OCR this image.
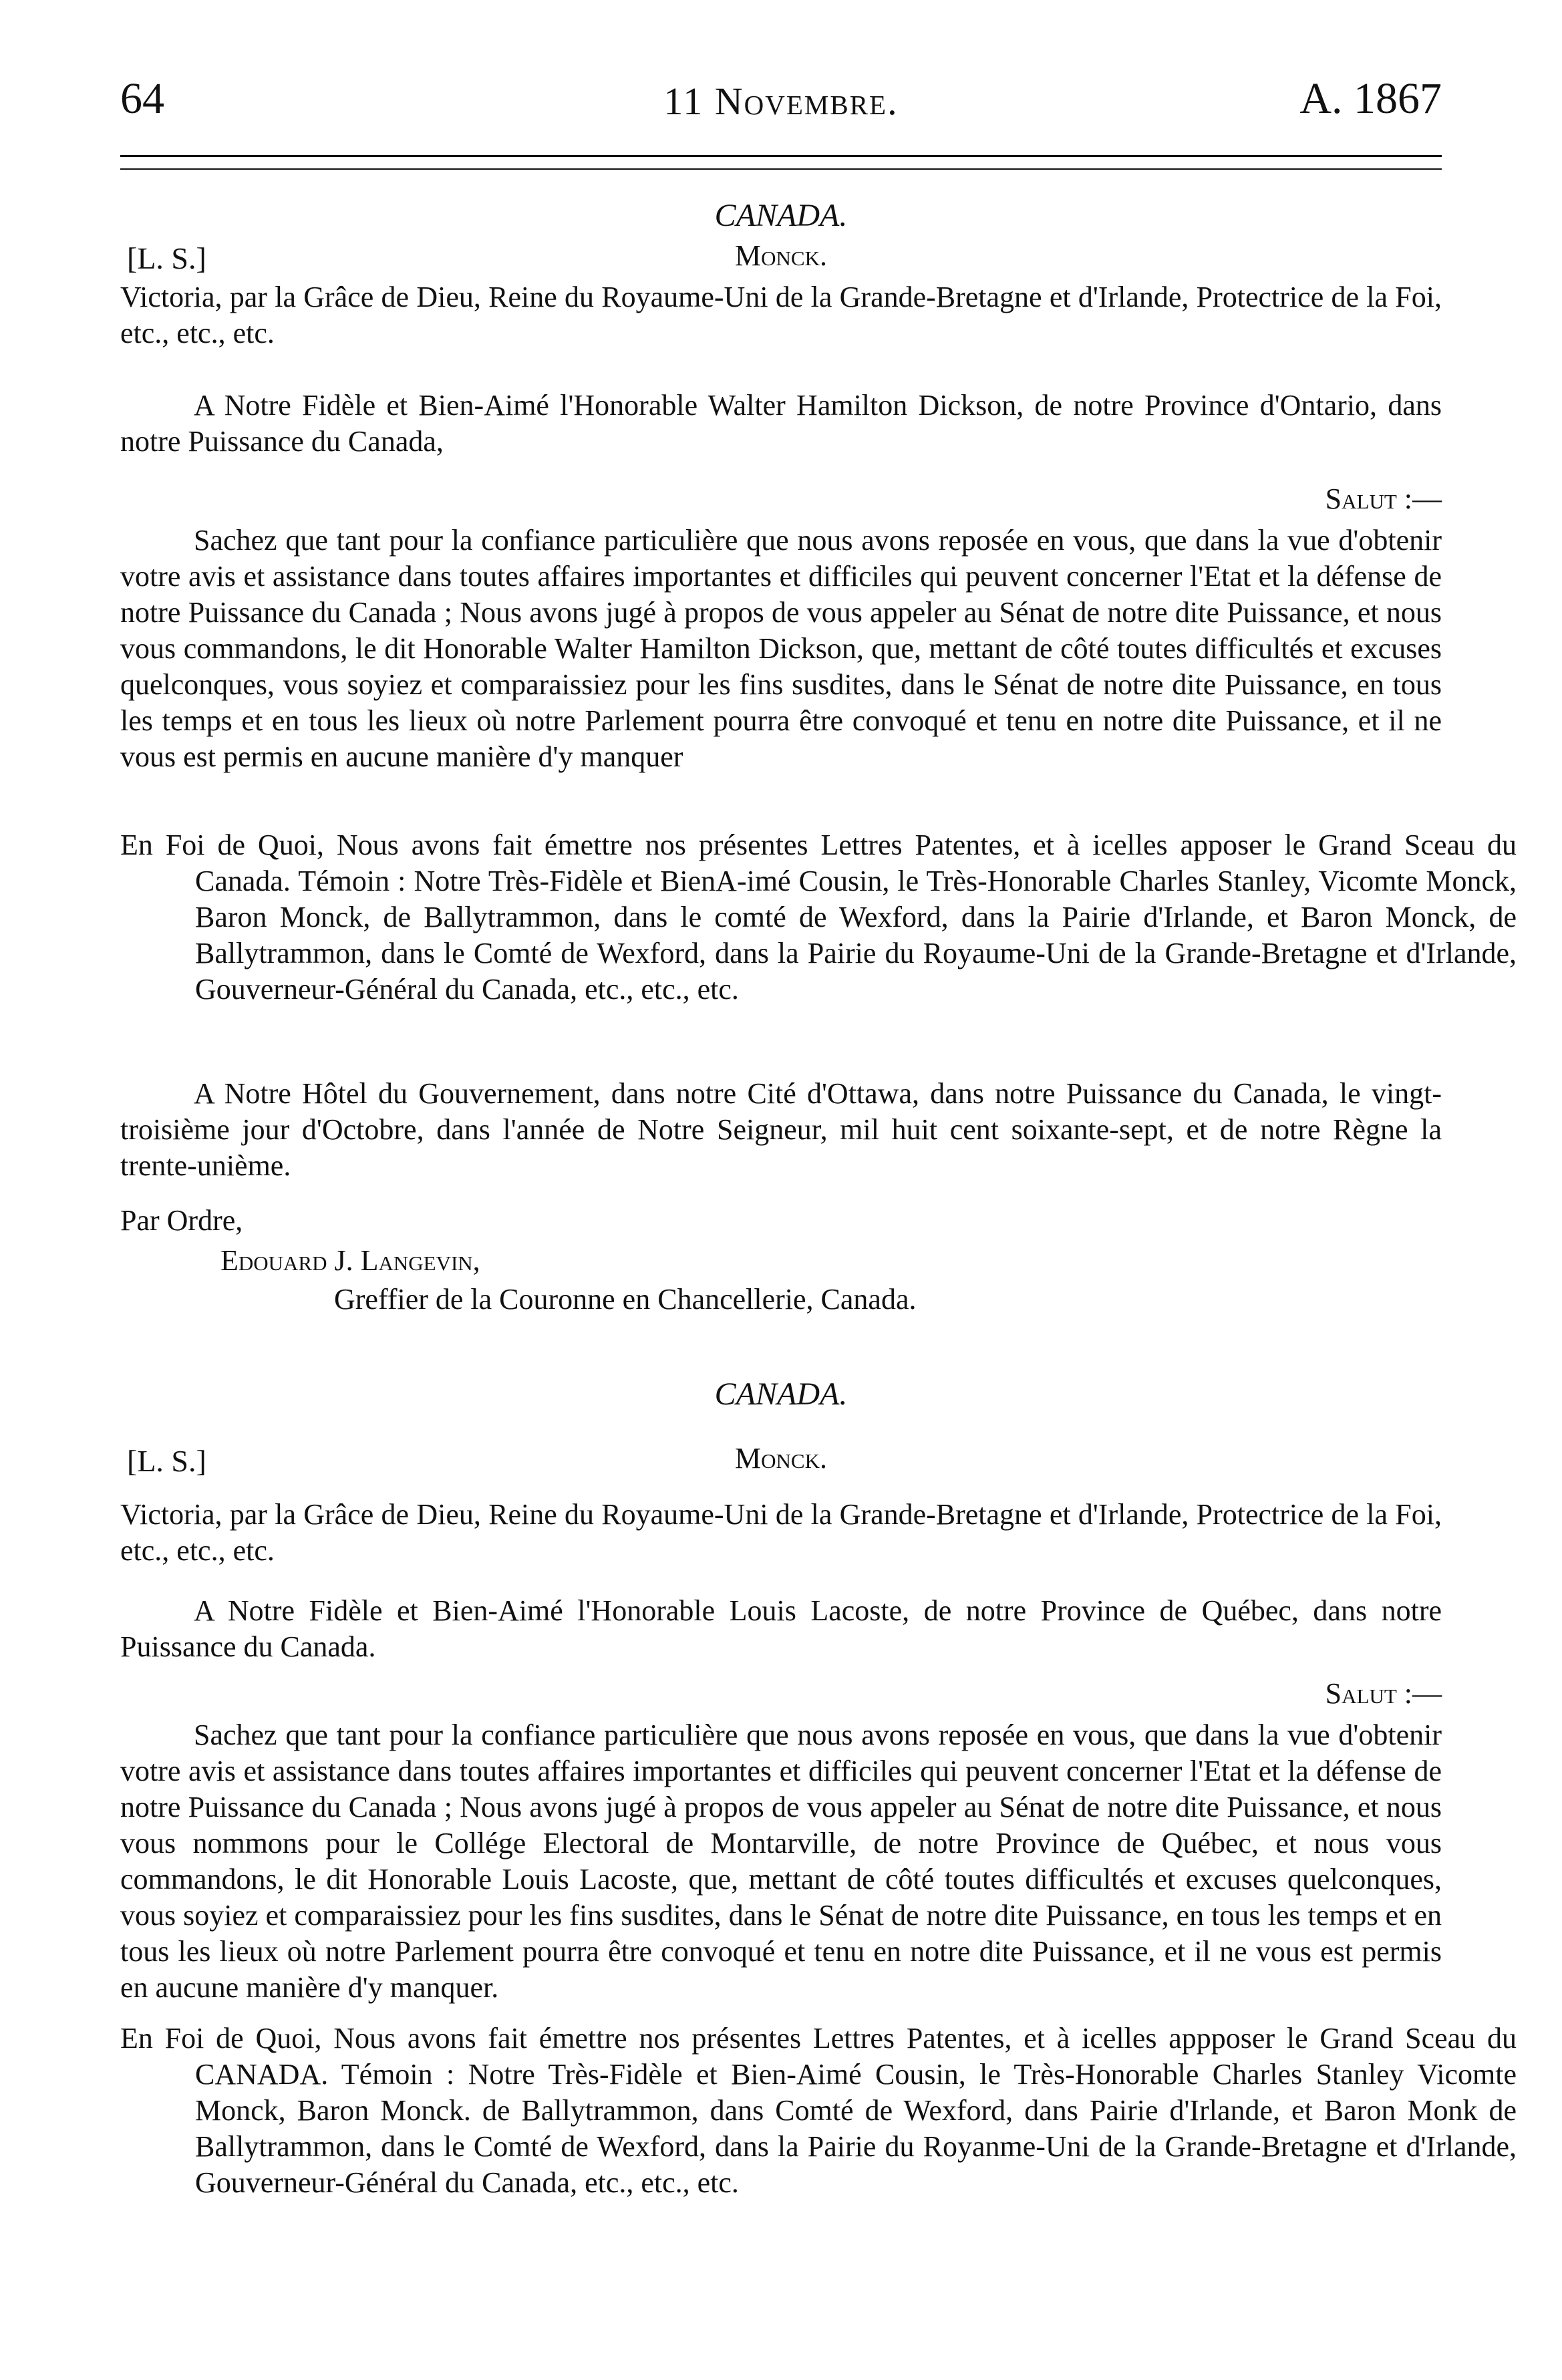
64	11 Novembre.	A. 1867
CANADA.
[L. S.]	Monck.

Victoria, par la Grâce de Dieu, Reine du Royaume-Uni de la Grande-Bretagne et d'Irlande, Protectrice de la Foi, etc., etc., etc.

A Notre Fidèle et Bien-Aimé l'Honorable Walter Hamilton Dickson, de notre Province d'Ontario, dans notre Puissance du Canada,

Salut :—

Sachez que tant pour la confiance particulière que nous avons reposée en vous, que dans la vue d'obtenir votre avis et assistance dans toutes affaires importantes et difficiles qui peuvent concerner l'Etat et la défense de notre Puissance du Canada ; Nous avons jugé à propos de vous appeler au Sénat de notre dite Puissance, et nous vous commandons, le dit Honorable Walter Hamilton Dickson, que, mettant de côté toutes difficultés et excuses quelconques, vous soyiez et comparaissiez pour les fins susdites, dans le Sénat de notre dite Puissance, en tous les temps et en tous les lieux où notre Parlement pourra être convoqué et tenu en notre dite Puissance, et il ne vous est permis en aucune manière d'y manquer

En Foi de Quoi, Nous avons fait émettre nos présentes Lettres Patentes, et à icelles apposer le Grand Sceau du Canada. Témoin : Notre Très-Fidèle et BienA-imé Cousin, le Très-Honorable Charles Stanley, Vicomte Monck, Baron Monck, de Ballytrammon, dans le comté de Wexford, dans la Pairie d'Irlande, et Baron Monck, de Ballytrammon, dans le Comté de Wexford, dans la Pairie du Royaume-Uni de la Grande-Bretagne et d'Irlande, Gouverneur-Général du Canada, etc., etc., etc.

A Notre Hôtel du Gouvernement, dans notre Cité d'Ottawa, dans notre Puissance du Canada, le vingt-troisième jour d'Octobre, dans l'année de Notre Seigneur, mil huit cent soixante-sept, et de notre Règne la trente-unième.

Par Ordre,

Edouard J. Langevin,

Greffier de la Couronne en Chancellerie, Canada.

CANADA.
[L. S.]	Monck.

Victoria, par la Grâce de Dieu, Reine du Royaume-Uni de la Grande-Bretagne et d'Irlande, Protectrice de la Foi, etc., etc., etc.

A Notre Fidèle et Bien-Aimé l'Honorable Louis Lacoste, de notre Province de Québec, dans notre Puissance du Canada.

Salut :—

Sachez que tant pour la confiance particulière que nous avons reposée en vous, que dans la vue d'obtenir votre avis et assistance dans toutes affaires importantes et difficiles qui peuvent concerner l'Etat et la défense de notre Puissance du Canada ; Nous avons jugé à propos de vous appeler au Sénat de notre dite Puissance, et nous vous nommons pour le Collége Electoral de Montarville, de notre Province de Québec, et nous vous commandons, le dit Honorable Louis Lacoste, que, mettant de côté toutes difficultés et excuses quelconques, vous soyiez et comparaissiez pour les fins susdites, dans le Sénat de notre dite Puissance, en tous les temps et en tous les lieux où notre Parlement pourra être convoqué et tenu en notre dite Puissance, et il ne vous est permis en aucune manière d'y manquer.

En Foi de Quoi, Nous avons fait émettre nos présentes Lettres Patentes, et à icelles appposer le Grand Sceau du CANADA. Témoin : Notre Très-Fidèle et Bien-Aimé Cousin, le Très-Honorable Charles Stanley Vicomte Monck, Baron Monck. de Ballytrammon, dans Comté de Wexford, dans Pairie d'Irlande, et Baron Monk de Ballytrammon, dans le Comté de Wexford, dans la Pairie du Royanme-Uni de la Grande-Bretagne et d'Irlande, Gouverneur-Général du Canada, etc., etc., etc.
